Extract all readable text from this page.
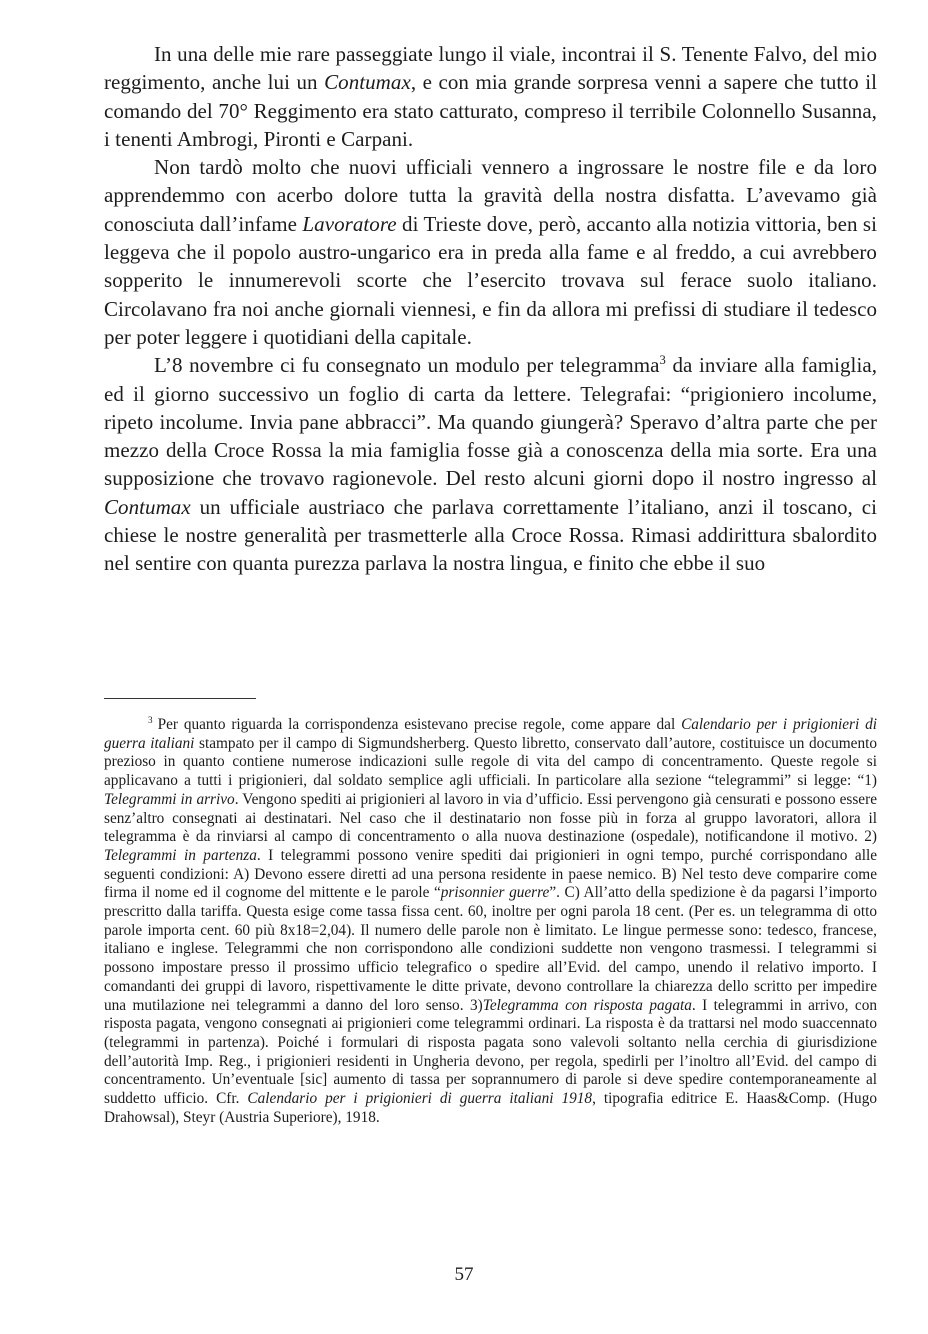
In una delle mie rare passeggiate lungo il viale, incontrai il S. Tenente Falvo, del mio reggimento, anche lui un Contumax, e con mia grande sorpresa venni a sapere che tutto il comando del 70° Reggimento era stato catturato, compreso il terribile Colonnello Susanna, i tenenti Ambrogi, Pironti e Carpani.

Non tardò molto che nuovi ufficiali vennero a ingrossare le nostre file e da loro apprendemmo con acerbo dolore tutta la gravità della nostra disfatta. L’avevamo già conosciuta dall’infame Lavoratore di Trieste dove, però, accanto alla notizia vittoria, ben si leggeva che il popolo austro-ungarico era in preda alla fame e al freddo, a cui avrebbero sopperito le innumerevoli scorte che l’esercito trovava sul ferace suolo italiano. Circolavano fra noi anche giornali viennesi, e fin da allora mi prefissi di studiare il tedesco per poter leggere i quotidiani della capitale.

L’8 novembre ci fu consegnato un modulo per telegramma$^3$ da inviare alla famiglia, ed il giorno successivo un foglio di carta da lettere. Telegrafai: “prigioniero incolume, ripeto incolume. Invia pane abbracci”. Ma quando giungerà? Speravo d’altra parte che per mezzo della Croce Rossa la mia famiglia fosse già a conoscenza della mia sorte. Era una supposizione che trovavo ragionevole. Del resto alcuni giorni dopo il nostro ingresso al Contumax un ufficiale austriaco che parlava correttamente l’italiano, anzi il toscano, ci chiese le nostre generalità per trasmetterle alla Croce Rossa. Rimasi addirittura sbalordito nel sentire con quanta purezza parlava la nostra lingua, e finito che ebbe il suo

$^3$ Per quanto riguarda la corrispondenza esistevano precise regole, come appare dal Calendario per i prigionieri di guerra italiani stampato per il campo di Sigmundsherberg. Questo libretto, conservato dall’autore, costituisce un documento prezioso in quanto contiene numerose indicazioni sulle regole di vita del campo di concentramento. Queste regole si applicavano a tutti i prigionieri, dal soldato semplice agli ufficiali. In particolare alla sezione “telegrammi” si legge: “1) Telegrammi in arrivo. Vengono spediti ai prigionieri al lavoro in via d’ufficio. Essi pervengono già censurati e possono essere senz’altro consegnati ai destinatari. Nel caso che il destinatario non fosse più in forza al gruppo lavoratori, allora il telegramma è da rinviarsi al campo di concentramento o alla nuova destinazione (ospedale), notificandone il motivo. 2) Telegrammi in partenza. I telegrammi possono venire spediti dai prigionieri in ogni tempo, purché corrispondano alle seguenti condizioni: A) Devono essere diretti ad una persona residente in paese nemico. B) Nel testo deve comparire come firma il nome ed il cognome del mittente e le parole “prisonnier guerre”. C) All’atto della spedizione è da pagarsi l’importo prescritto dalla tariffa. Questa esige come tassa fissa cent. 60, inoltre per ogni parola 18 cent. (Per es. un telegramma di otto parole importa cent. 60 più 8x18=2,04). Il numero delle parole non è limitato. Le lingue permesse sono: tedesco, francese, italiano e inglese. Telegrammi che non corrispondono alle condizioni suddette non vengono trasmessi. I telegrammi si possono impostare presso il prossimo ufficio telegrafico o spedire all’Evid. del campo, unendo il relativo importo. I comandanti dei gruppi di lavoro, rispettivamente le ditte private, devono controllare la chiarezza dello scritto per impedire una mutilazione nei telegrammi a danno del loro senso. 3)Telegramma con risposta pagata. I telegrammi in arrivo, con risposta pagata, vengono consegnati ai prigionieri come telegrammi ordinari. La risposta è da trattarsi nel modo suaccennato (telegrammi in partenza). Poiché i formulari di risposta pagata sono valevoli soltanto nella cerchia di giurisdizione dell’autorità Imp. Reg., i prigionieri residenti in Ungheria devono, per regola, spedirli per l’inoltro all’Evid. del campo di concentramento. Un’eventuale [sic] aumento di tassa per soprannumero di parole si deve spedire contemporaneamente al suddetto ufficio. Cfr. Calendario per i prigionieri di guerra italiani 1918, tipografia editrice E. Haas&Comp. (Hugo Drahowsal), Steyr (Austria Superiore), 1918.

57
